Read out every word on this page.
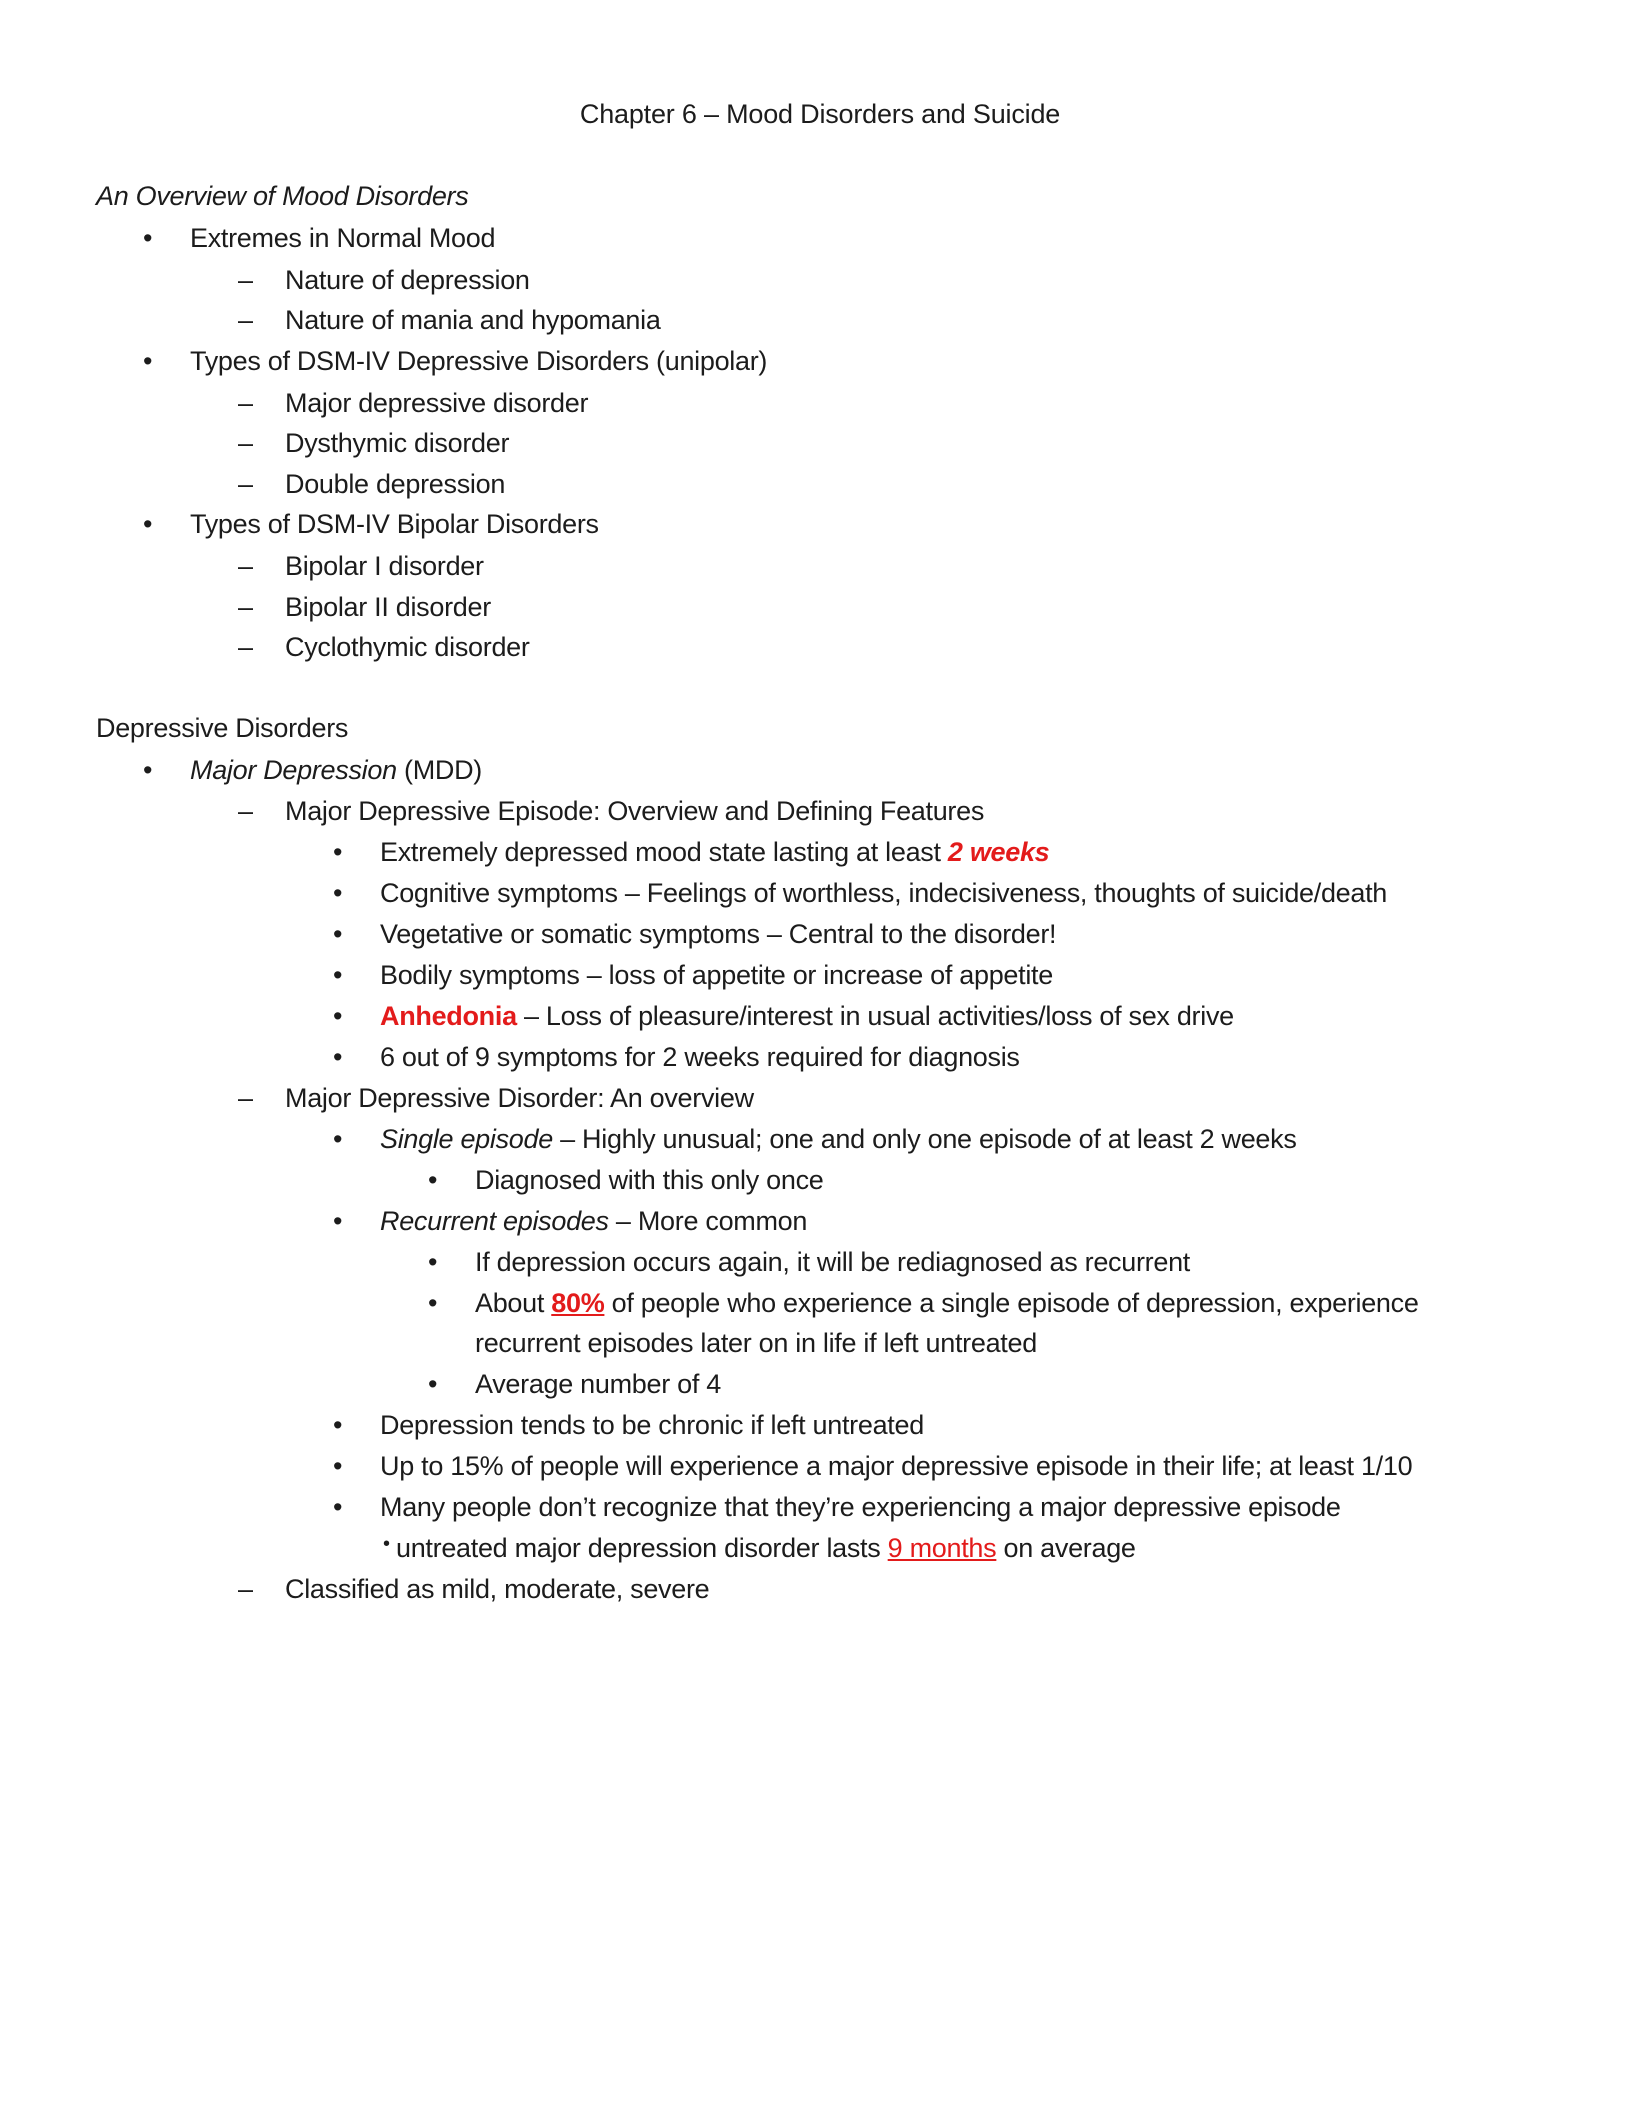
Chapter 6 – Mood Disorders and Suicide
An Overview of Mood Disorders
• Extremes in Normal Mood
– Nature of depression
– Nature of mania and hypomania
• Types of DSM-IV Depressive Disorders (unipolar)
– Major depressive disorder
– Dysthymic disorder
– Double depression
• Types of DSM-IV Bipolar Disorders
– Bipolar I disorder
– Bipolar II disorder
– Cyclothymic disorder
Depressive Disorders
• Major Depression (MDD)
– Major Depressive Episode: Overview and Defining Features
• Extremely depressed mood state lasting at least 2 weeks
• Cognitive symptoms – Feelings of worthless, indecisiveness, thoughts of suicide/death
• Vegetative or somatic symptoms – Central to the disorder!
• Bodily symptoms – loss of appetite or increase of appetite
• Anhedonia – Loss of pleasure/interest in usual activities/loss of sex drive
• 6 out of 9 symptoms for 2 weeks required for diagnosis
– Major Depressive Disorder: An overview
• Single episode – Highly unusual; one and only one episode of at least 2 weeks
• Diagnosed with this only once
• Recurrent episodes – More common
• If depression occurs again, it will be rediagnosed as recurrent
• About 80% of people who experience a single episode of depression, experience
recurrent episodes later on in life if left untreated
• Average number of 4
• Depression tends to be chronic if left untreated
• Up to 15% of people will experience a major depressive episode in their life; at least 1/10
• Many people don’t recognize that they’re experiencing a major depressive episode
• untreated major depression disorder lasts 9 months on average
– Classified as mild, moderate, severe
